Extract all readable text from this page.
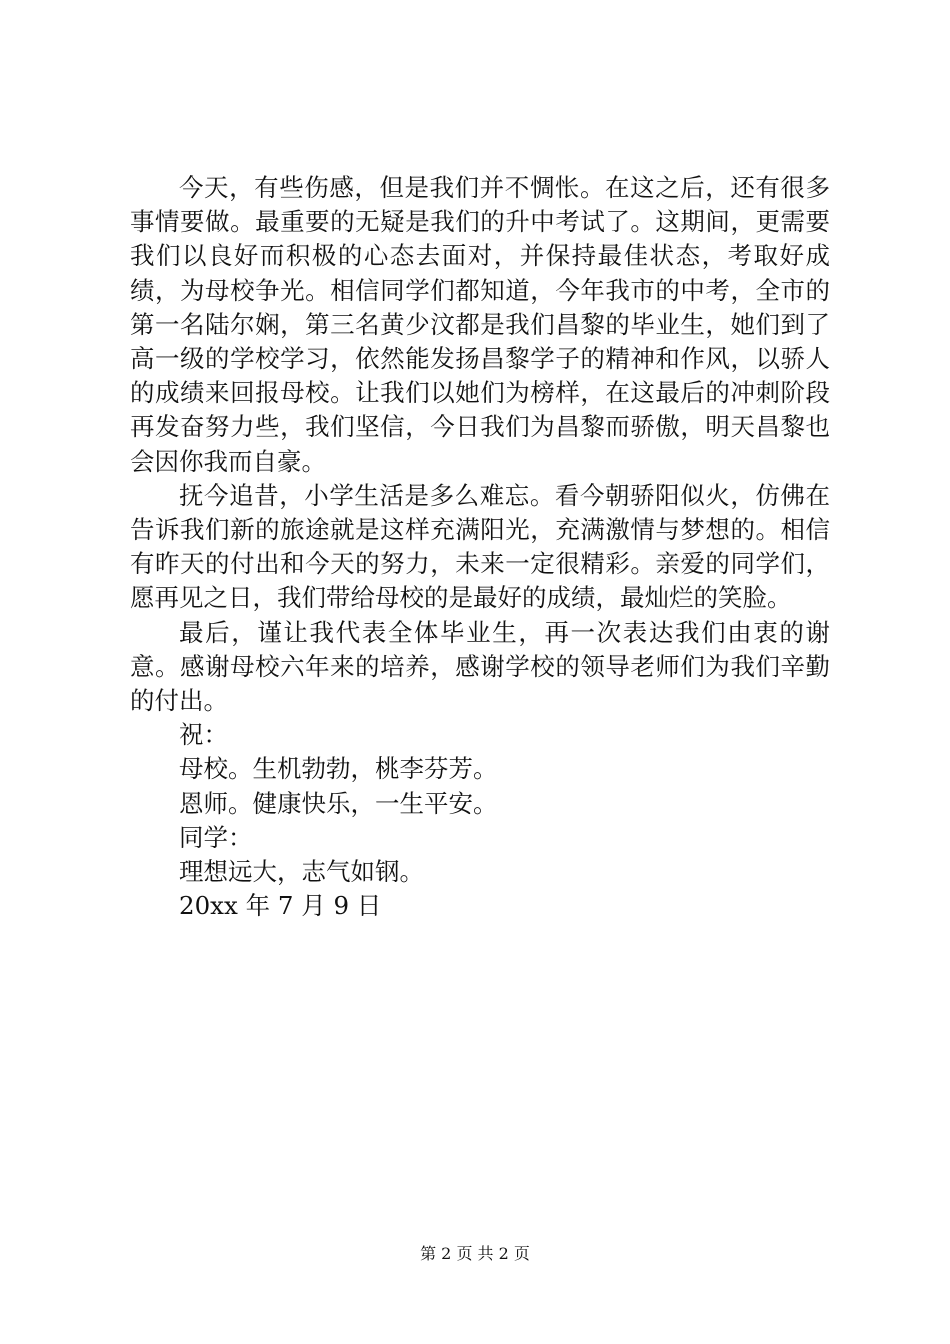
今天，有些伤感，但是我们并不惆怅。在这之后，还有很多事情要做。最重要的无疑是我们的升中考试了。这期间，更需要我们以良好而积极的心态去面对，并保持最佳状态，考取好成绩，为母校争光。相信同学们都知道，今年我市的中考，全市的第一名陆尔娴，第三名黄少汶都是我们昌黎的毕业生，她们到了高一级的学校学习，依然能发扬昌黎学子的精神和作风，以骄人的成绩来回报母校。让我们以她们为榜样，在这最后的冲刺阶段再发奋努力些，我们坚信，今日我们为昌黎而骄傲，明天昌黎也会因你我而自豪。

抚今追昔，小学生活是多么难忘。看今朝骄阳似火，仿佛在告诉我们新的旅途就是这样充满阳光，充满激情与梦想的。相信有昨天的付出和今天的努力，未来一定很精彩。亲爱的同学们，愿再见之日，我们带给母校的是最好的成绩，最灿烂的笑脸。

最后，谨让我代表全体毕业生，再一次表达我们由衷的谢意。感谢母校六年来的培养，感谢学校的领导老师们为我们辛勤的付出。

祝：

母校。生机勃勃，桃李芬芳。

恩师。健康快乐，一生平安。

同学：

理想远大，志气如钢。

20xx 年 7 月 9 日

第 2 页 共 2 页
